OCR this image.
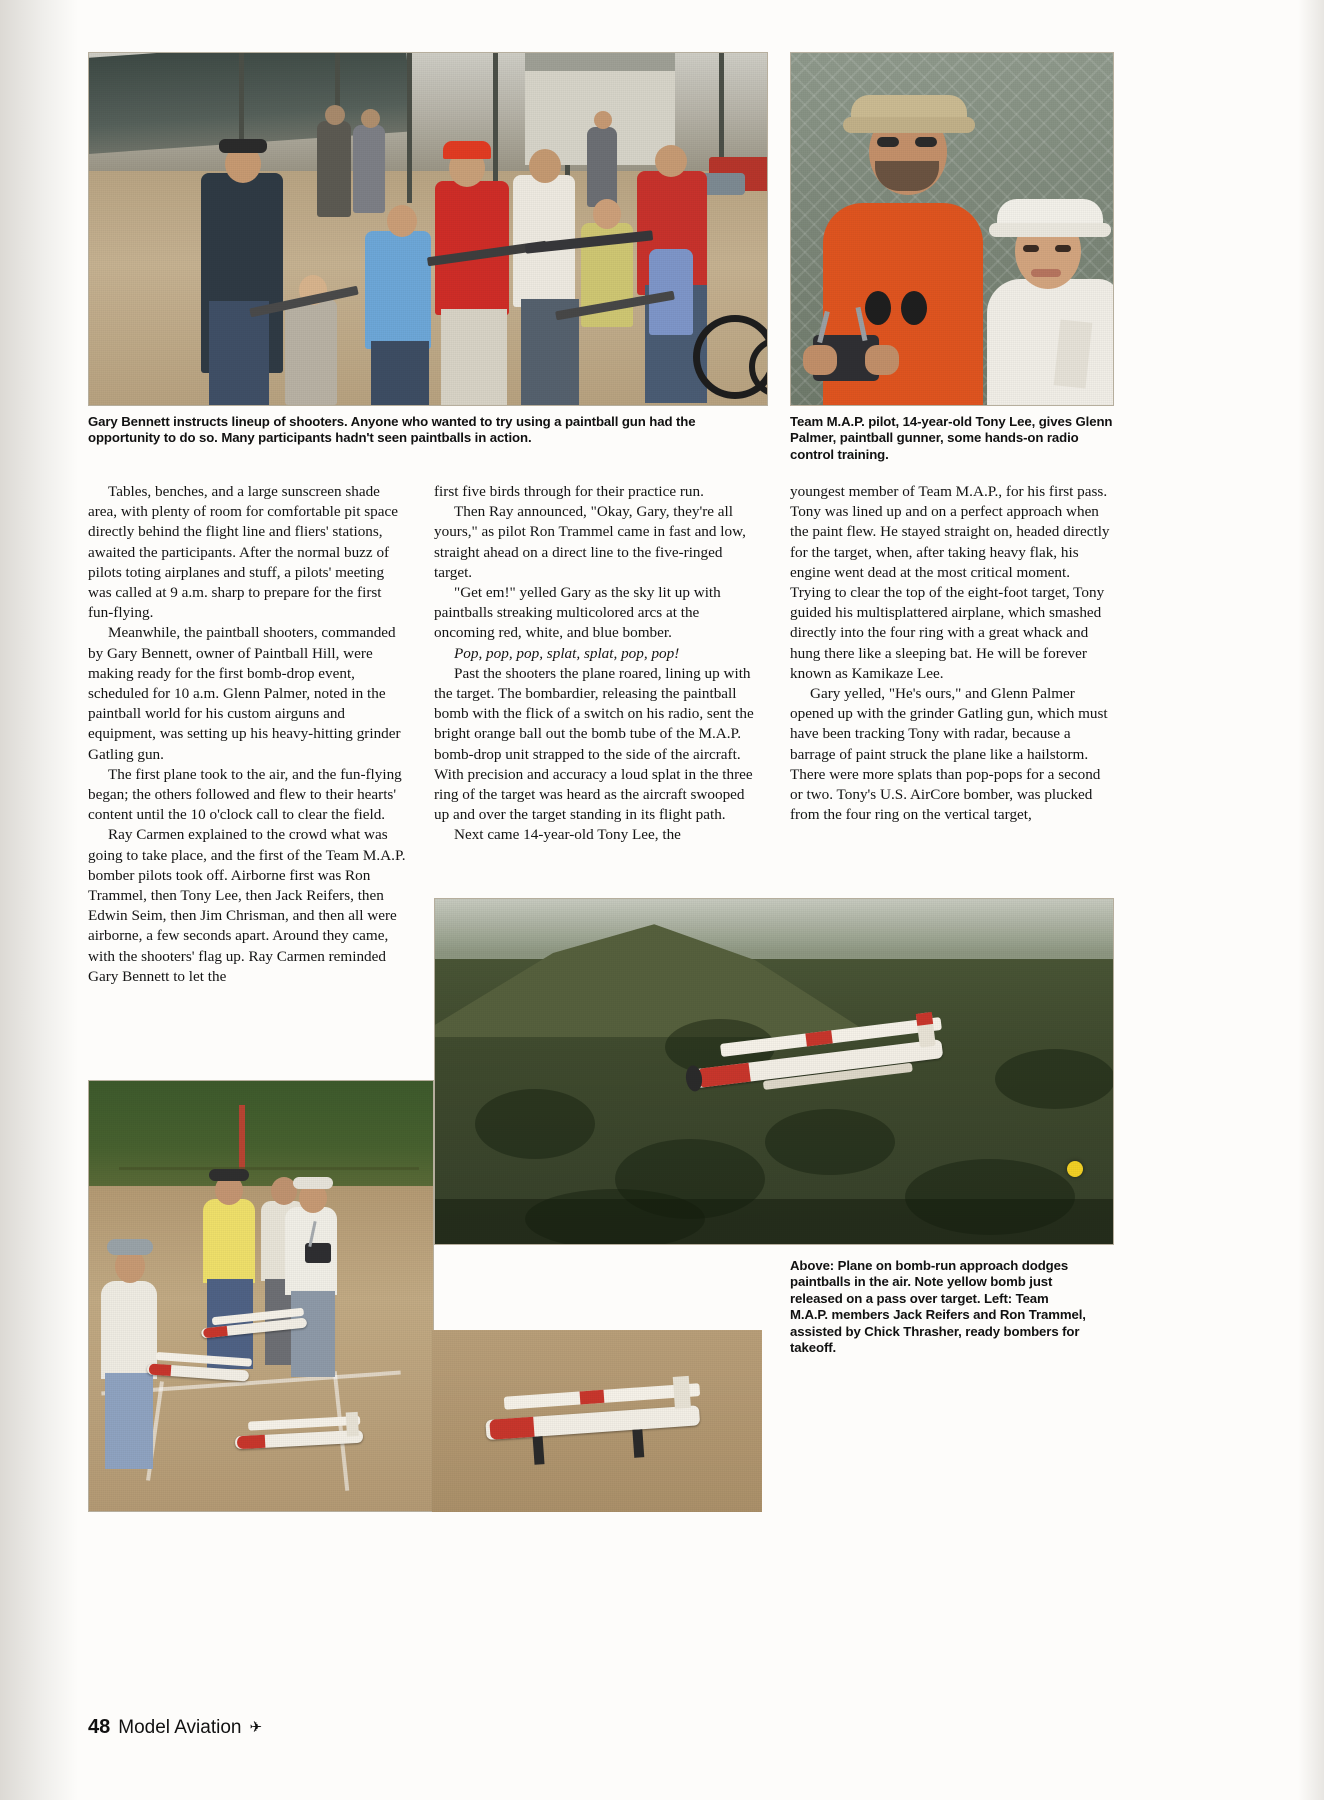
Gary Bennett instructs lineup of shooters. Anyone who wanted to try using a paintball gun had the opportunity to do so. Many participants hadn't seen paintballs in action.
Team M.A.P. pilot, 14-year-old Tony Lee, gives Glenn Palmer, paintball gunner, some hands-on radio control training.
Above: Plane on bomb-run approach dodges paintballs in the air. Note yellow bomb just released on a pass over target. Left: Team M.A.P. members Jack Reifers and Ron Trammel, assisted by Chick Thrasher, ready bombers for takeoff.

Tables, benches, and a large sunscreen shade area, with plenty of room for comfortable pit space directly behind the flight line and fliers' stations, awaited the participants. After the normal buzz of pilots toting airplanes and stuff, a pilots' meeting was called at 9 a.m. sharp to prepare for the first fun-flying.

Meanwhile, the paintball shooters, commanded by Gary Bennett, owner of Paintball Hill, were making ready for the first bomb-drop event, scheduled for 10 a.m. Glenn Palmer, noted in the paintball world for his custom airguns and equipment, was setting up his heavy-hitting grinder Gatling gun.

The first plane took to the air, and the fun-flying began; the others followed and flew to their hearts' content until the 10 o'clock call to clear the field.

Ray Carmen explained to the crowd what was going to take place, and the first of the Team M.A.P. bomber pilots took off. Airborne first was Ron Trammel, then Tony Lee, then Jack Reifers, then Edwin Seim, then Jim Chrisman, and then all were airborne, a few seconds apart. Around they came, with the shooters' flag up. Ray Carmen reminded Gary Bennett to let the

first five birds through for their practice run.

Then Ray announced, "Okay, Gary, they're all yours," as pilot Ron Trammel came in fast and low, straight ahead on a direct line to the five-ringed target.

"Get em!" yelled Gary as the sky lit up with paintballs streaking multicolored arcs at the oncoming red, white, and blue bomber.

Pop, pop, pop, splat, splat, pop, pop!

Past the shooters the plane roared, lining up with the target. The bombardier, releasing the paintball bomb with the flick of a switch on his radio, sent the bright orange ball out the bomb tube of the M.A.P. bomb-drop unit strapped to the side of the aircraft. With precision and accuracy a loud splat in the three ring of the target was heard as the aircraft swooped up and over the target standing in its flight path.

Next came 14-year-old Tony Lee, the

youngest member of Team M.A.P., for his first pass. Tony was lined up and on a perfect approach when the paint flew. He stayed straight on, headed directly for the target, when, after taking heavy flak, his engine went dead at the most critical moment. Trying to clear the top of the eight-foot target, Tony guided his multisplattered airplane, which smashed directly into the four ring with a great whack and hung there like a sleeping bat. He will be forever known as Kamikaze Lee.

Gary yelled, "He's ours," and Glenn Palmer opened up with the grinder Gatling gun, which must have been tracking Tony with radar, because a barrage of paint struck the plane like a hailstorm. There were more splats than pop-pops for a second or two. Tony's U.S. AirCore bomber, was plucked from the four ring on the vertical target,

48 Model Aviation ✈
